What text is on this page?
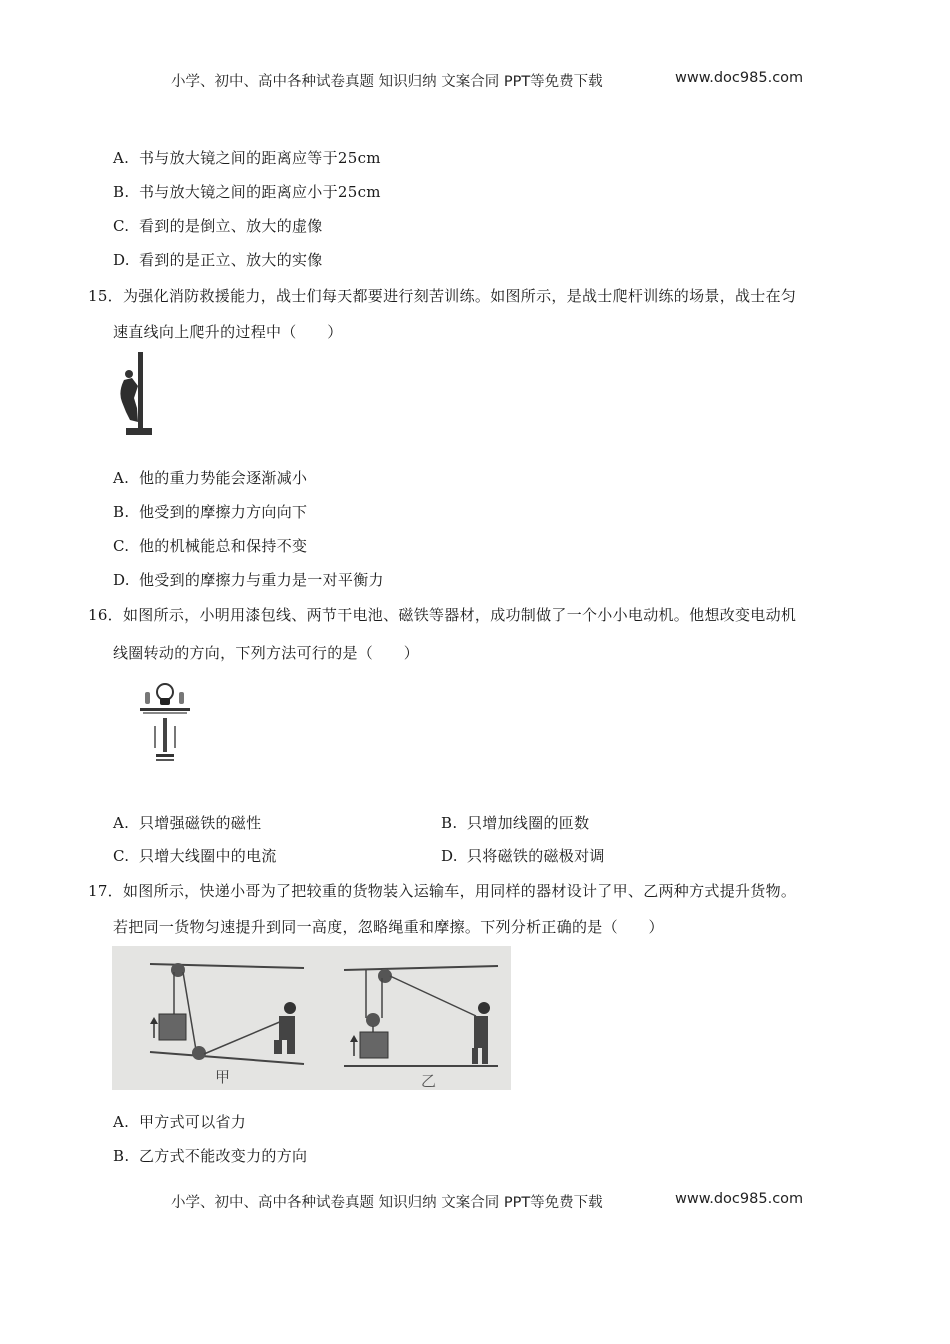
小学、初中、高中各种试卷真题 知识归纳 文案合同 PPT等免费下载	www.doc985.com
A. 书与放大镜之间的距离应等于25cm
B. 书与放大镜之间的距离应小于25cm
C. 看到的是倒立、放大的虚像
D. 看到的是正立、放大的实像
15．为强化消防救援能力，战士们每天都要进行刻苦训练。如图所示，是战士爬杆训练的场景，战士在匀
速直线向上爬升的过程中（　　）
A. 他的重力势能会逐渐减小
B. 他受到的摩擦力方向向下
C. 他的机械能总和保持不变
D. 他受到的摩擦力与重力是一对平衡力
16．如图所示，小明用漆包线、两节干电池、磁铁等器材，成功制做了一个小小电动机。他想改变电动机
线圈转动的方向，下列方法可行的是（　　）
A. 只增强磁铁的磁性	B. 只增加线圈的匝数
C. 只增大线圈中的电流	D. 只将磁铁的磁极对调
17．如图所示，快递小哥为了把较重的货物装入运输车，用同样的器材设计了甲、乙两种方式提升货物。
若把同一货物匀速提升到同一高度，忽略绳重和摩擦。下列分析正确的是（　　）
甲	乙
A. 甲方式可以省力
B. 乙方式不能改变力的方向
小学、初中、高中各种试卷真题 知识归纳 文案合同 PPT等免费下载	www.doc985.com
